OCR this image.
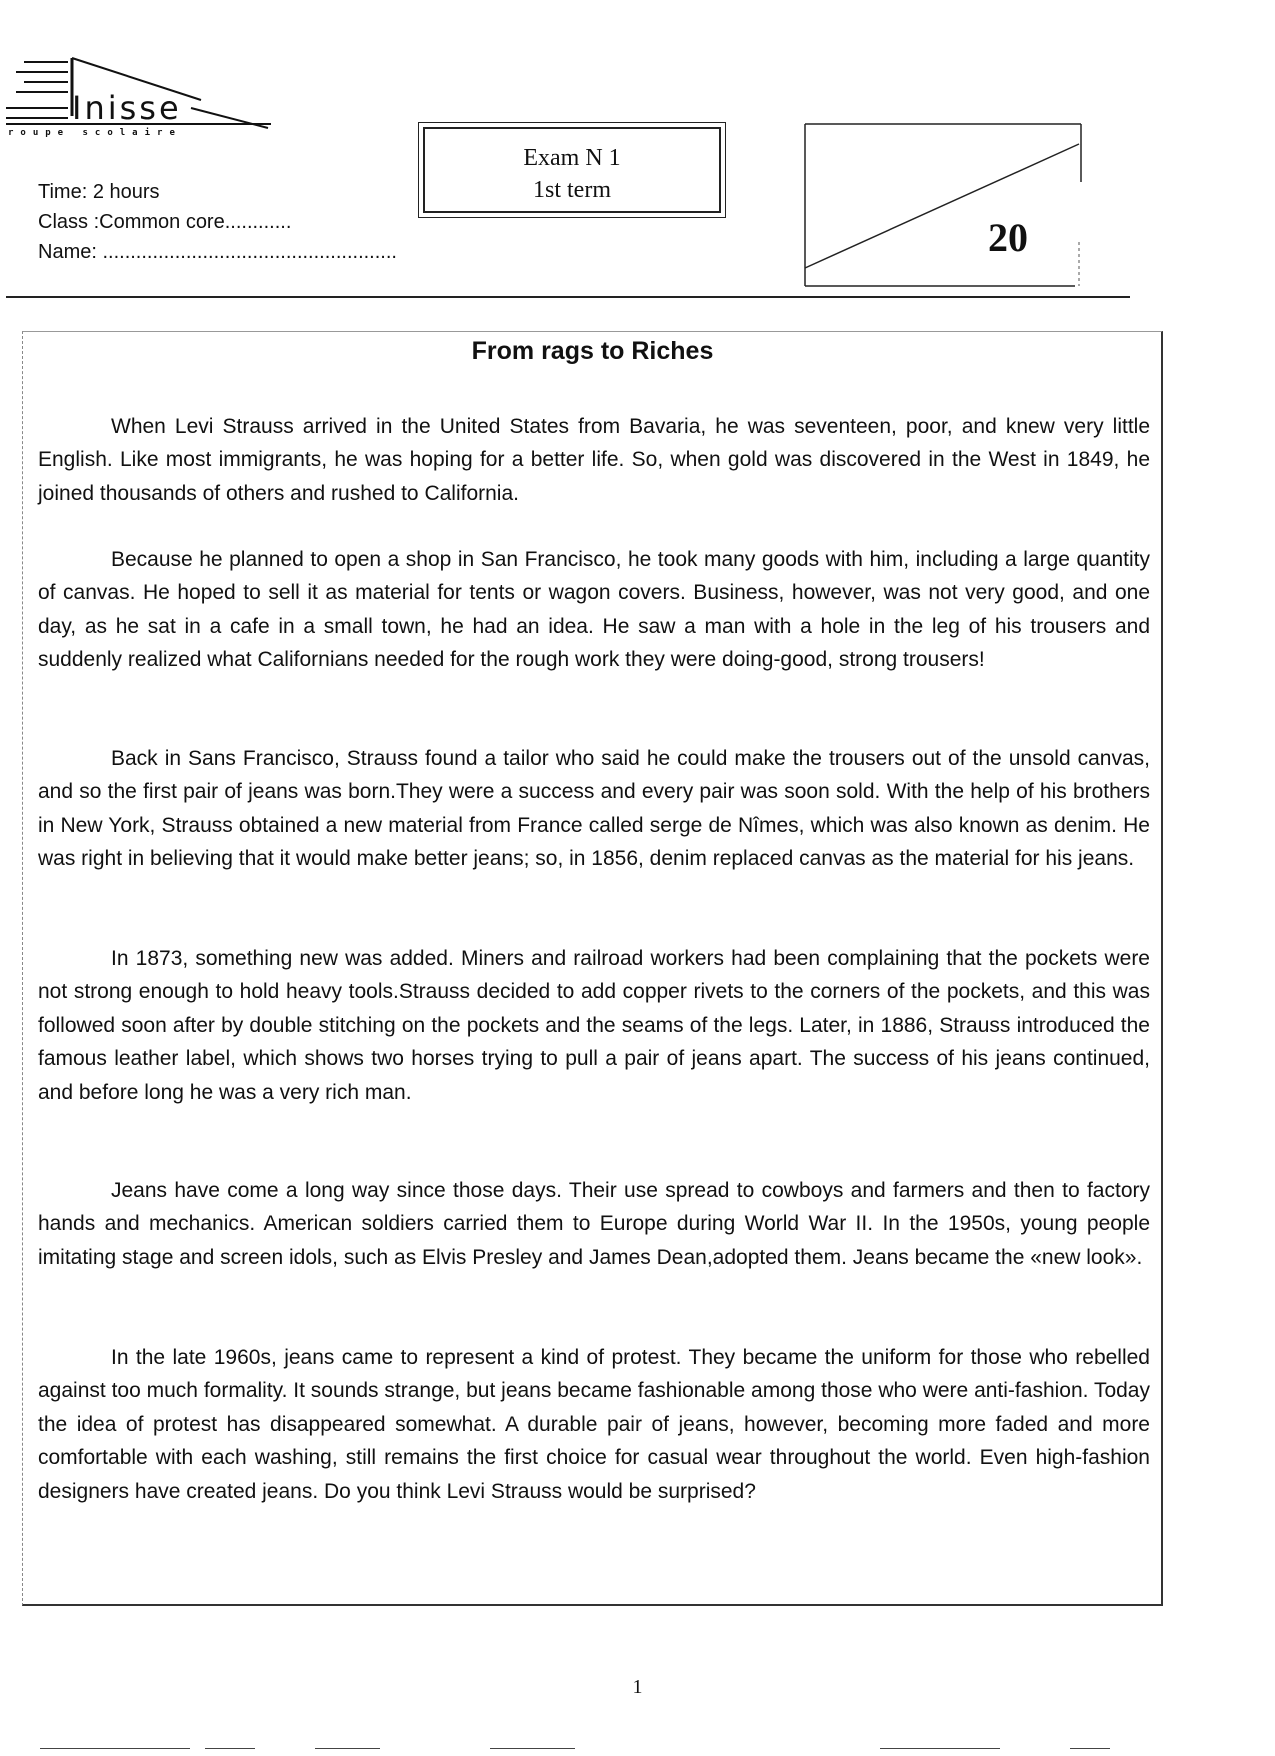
Inisse
roupe scolaire
Time: 2 hours
Class :Common core............
Name: .....................................................
Exam N 1
1st term
20
From rags to Riches

When Levi Strauss arrived in the United States from Bavaria, he was seventeen, poor, and knew very little English. Like most immigrants, he was hoping for a better life. So, when gold was discovered in the West in 1849, he joined thousands of others and rushed to California.

Because he planned to open a shop in San Francisco, he took many goods with him, including a large quantity of canvas. He hoped to sell it as material for tents or wagon covers. Business, however, was not very good, and one day, as he sat in a cafe in a small town, he had an idea. He saw a man with a hole in the leg of his trousers and suddenly realized what Californians needed for the rough work they were doing-good, strong trousers!

Back in Sans Francisco, Strauss found a tailor who said he could make the trousers out of the unsold canvas, and so the first pair of jeans was born.They were a success and every pair was soon sold. With the help of his brothers in New York, Strauss obtained a new material from France called serge de Nîmes, which was also known as denim. He was right in believing that it would make better jeans; so, in 1856, denim replaced canvas as the material for his jeans.

In 1873, something new was added. Miners and railroad workers had been complaining that the pockets were not strong enough to hold heavy tools.Strauss decided to add copper rivets to the corners of the pockets, and this was followed soon after by double stitching on the pockets and the seams of the legs. Later, in 1886, Strauss introduced the famous leather label, which shows two horses trying to pull a pair of jeans apart. The success of his jeans continued, and before long he was a very rich man.

Jeans have come a long way since those days. Their use spread to cowboys and farmers and then to factory hands and mechanics. American soldiers carried them to Europe during World War II. In the 1950s, young people imitating stage and screen idols, such as Elvis Presley and James Dean,adopted them. Jeans became the «new look».

In the late 1960s, jeans came to represent a kind of protest. They became the uniform for those who rebelled against too much formality. It sounds strange, but jeans became fashionable among those who were anti-fashion. Today the idea of protest has disappeared somewhat. A durable pair of jeans, however, becoming more faded and more comfortable with each washing, still remains the first choice for casual wear throughout the world. Even high-fashion designers have created jeans. Do you think Levi Strauss would be surprised?

1
